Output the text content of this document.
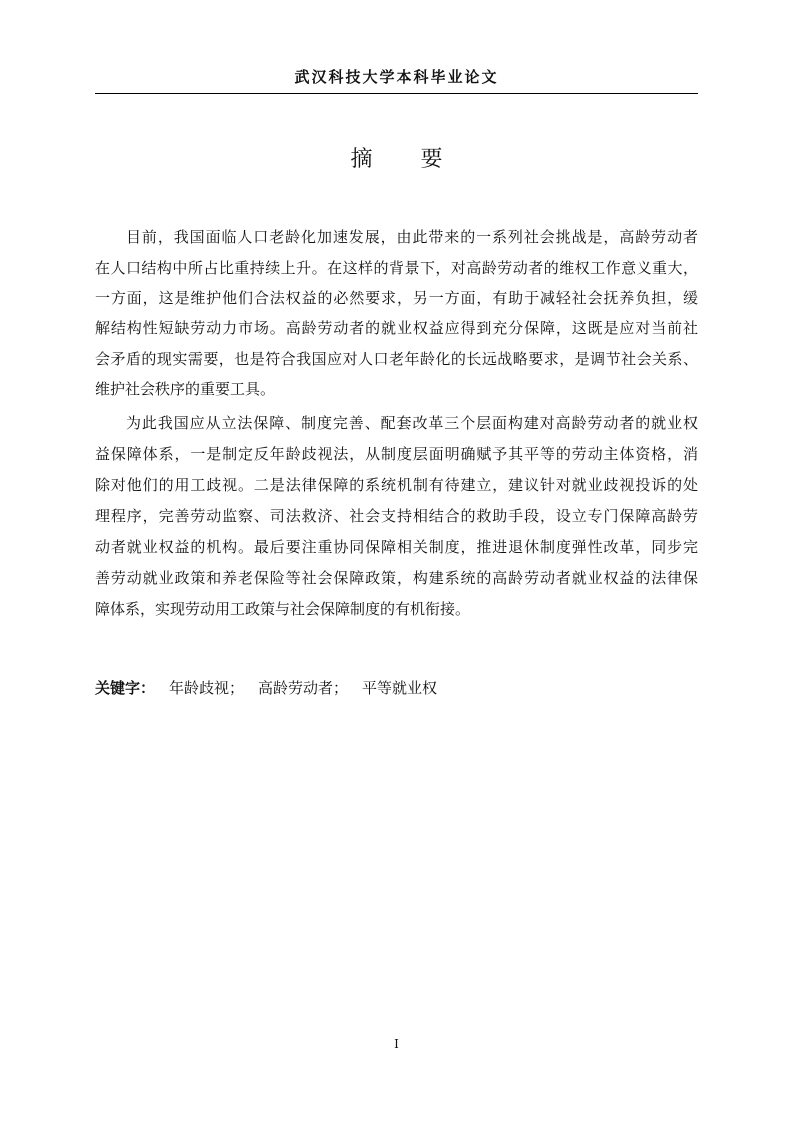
武汉科技大学本科毕业论文
摘 要
目前，我国面临人口老龄化加速发展，由此带来的一系列社会挑战是，高龄劳动者
在人口结构中所占比重持续上升。在这样的背景下，对高龄劳动者的维权工作意义重大，
一方面，这是维护他们合法权益的必然要求，另一方面，有助于减轻社会抚养负担，缓
解结构性短缺劳动力市场。高龄劳动者的就业权益应得到充分保障，这既是应对当前社
会矛盾的现实需要，也是符合我国应对人口老年龄化的长远战略要求，是调节社会关系、
维护社会秩序的重要工具。
为此我国应从立法保障、制度完善、配套改革三个层面构建对高龄劳动者的就业权
益保障体系，一是制定反年龄歧视法，从制度层面明确赋予其平等的劳动主体资格，消
除对他们的用工歧视。二是法律保障的系统机制有待建立，建议针对就业歧视投诉的处
理程序，完善劳动监察、司法救济、社会支持相结合的救助手段，设立专门保障高龄劳
动者就业权益的机构。最后要注重协同保障相关制度，推进退休制度弹性改革，同步完
善劳动就业政策和养老保险等社会保障政策，构建系统的高龄劳动者就业权益的法律保
障体系，实现劳动用工政策与社会保障制度的有机衔接。
关键字： 年龄歧视； 高龄劳动者； 平等就业权
I
